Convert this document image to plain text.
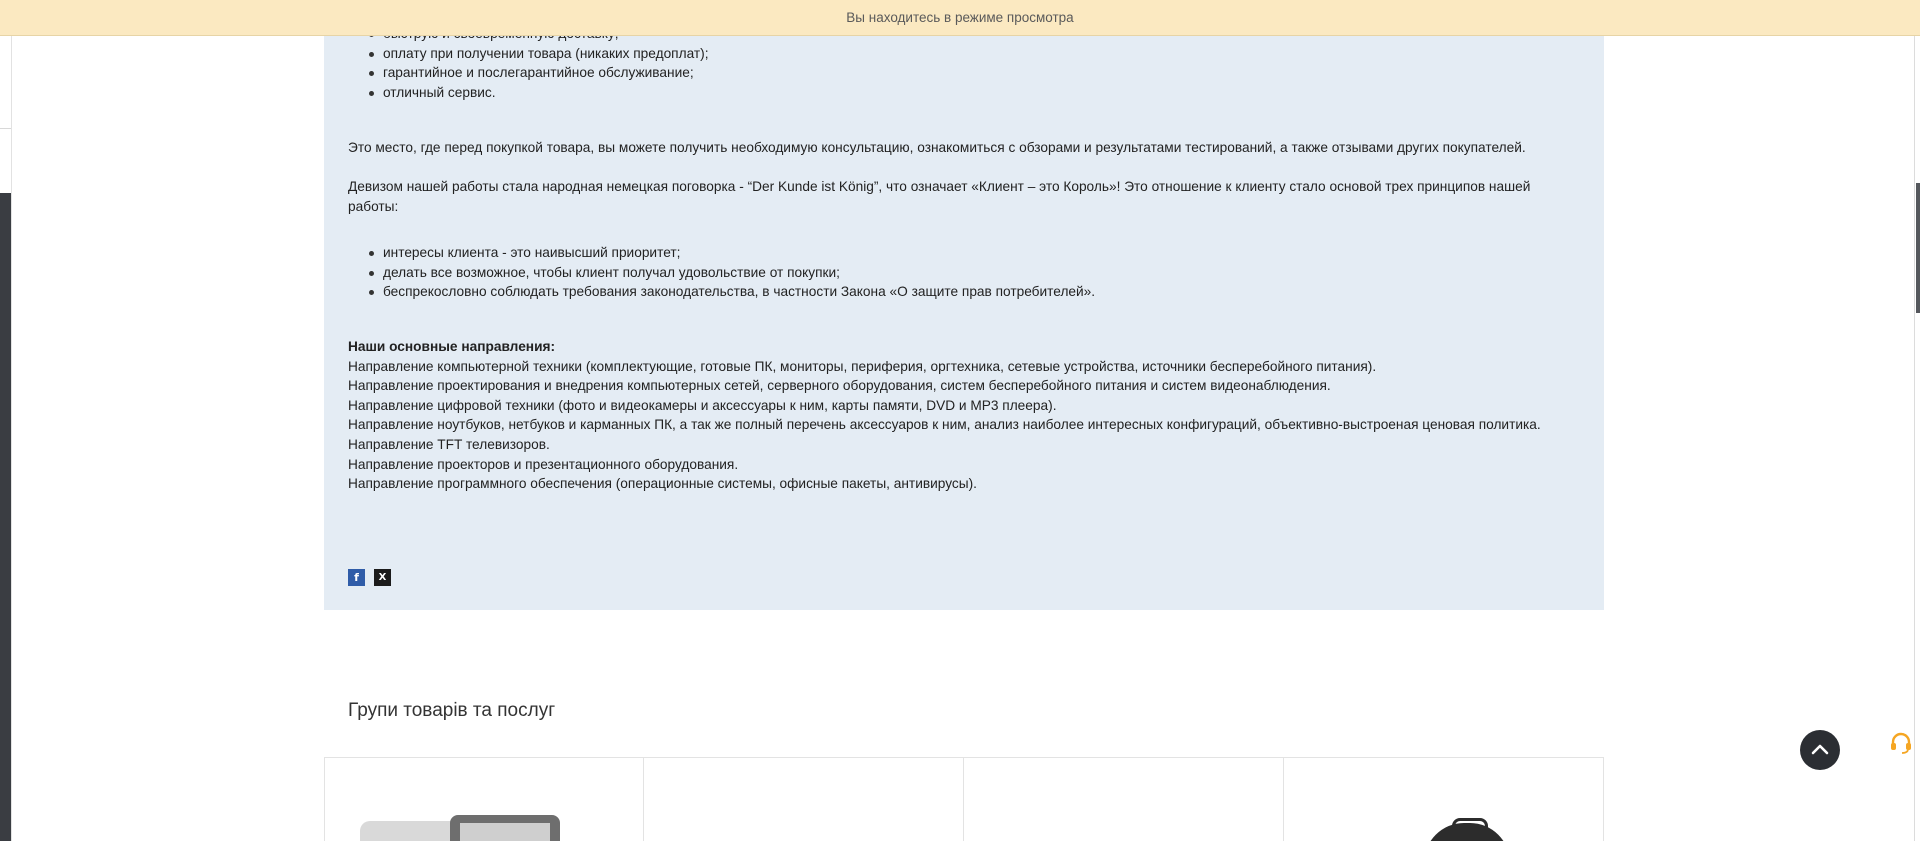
Вы находитесь в режиме просмотра
оплату при получении товара (никаких предоплат);
гарантийное и послегарантийное обслуживание;
отличный сервис.

Это место, где перед покупкой товара, вы можете получить необходимую консультацию, ознакомиться с обзорами и результатами тестирований, а также отзывами других покупателей.

Девизом нашей работы стала народная немецкая поговорка - “Der Kunde ist König”, что означает «Клиент – это Король»! Это отношение к клиенту стало основой трех принципов нашей работы:

интересы клиента - это наивысший приоритет;
делать все возможное, чтобы клиент получал удовольствие от покупки;
беспрекословно соблюдать требования законодательства, в частности Закона «О защите прав потребителей».

Наши основные направления:

Направление компьютерной техники (комплектующие, готовые ПК, мониторы, периферия, оргтехника, сетевые устройства, источники бесперебойного питания).
Направление проектирования и внедрения компьютерных сетей, серверного оборудования, систем бесперебойного питания и систем видеонаблюдения.
Направление цифровой техники (фото и видеокамеры и аксессуары к ним, карты памяти, DVD и MP3 плеера).
Направление ноутбуков, нетбуков и карманных ПК, а так же полный перечень аксессуаров к ним, анализ наиболее интересных конфигураций, объективно-выстроеная ценовая политика.
Направление TFT телевизоров.
Направление проекторов и презентационного оборудования.
Направление программного обеспечения (операционные системы, офисные пакеты, антивирусы).
f	X
Групи товарів та послуг
